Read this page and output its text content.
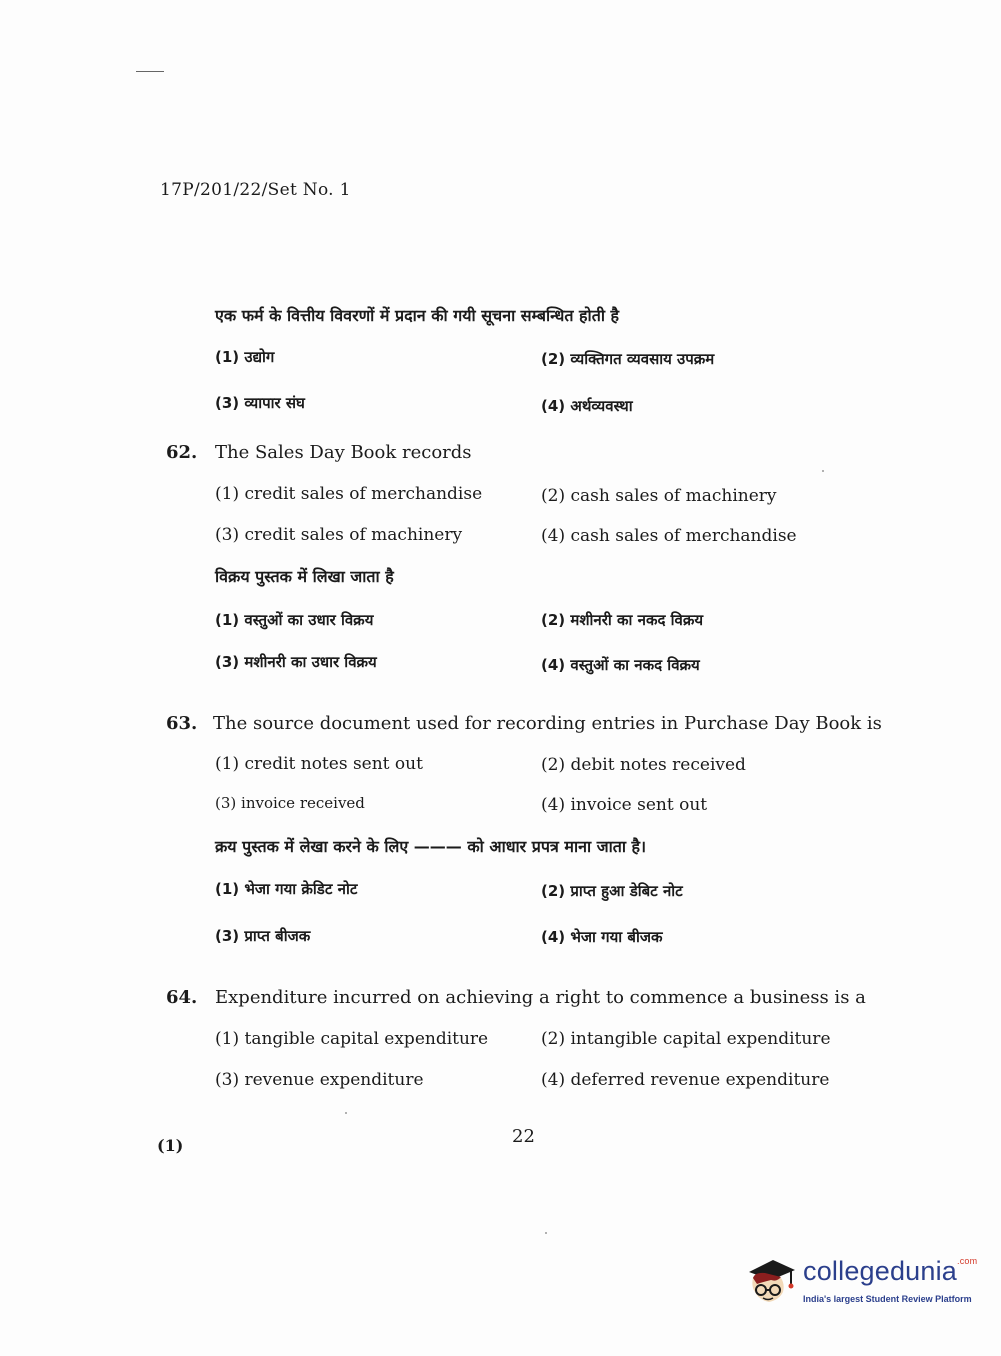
17P/201/22/Set No. 1
एक फर्म के वित्तीय विवरणों में प्रदान की गयी सूचना सम्बन्धित होती है
(1) उद्योग	(2) व्यक्तिगत व्यवसाय उपक्रम
(3) व्यापार संघ	(4) अर्थव्यवस्था
62. The Sales Day Book records
(1) credit sales of merchandise	(2) cash sales of machinery
(3) credit sales of machinery	(4) cash sales of merchandise
विक्रय पुस्तक में लिखा जाता है
(1) वस्तुओं का उधार विक्रय	(2) मशीनरी का नकद विक्रय
(3) मशीनरी का उधार विक्रय	(4) वस्तुओं का नकद विक्रय
63. The source document used for recording entries in Purchase Day Book is
(1) credit notes sent out	(2) debit notes received
(3) invoice received	(4) invoice sent out
क्रय पुस्तक में लेखा करने के लिए ——— को आधार प्रपत्र माना जाता है।
(1) भेजा गया क्रेडिट नोट	(2) प्राप्त हुआ डेबिट नोट
(3) प्राप्त बीजक	(4) भेजा गया बीजक
64. Expenditure incurred on achieving a right to commence a business is a
(1) tangible capital expenditure	(2) intangible capital expenditure
(3) revenue expenditure	(4) deferred revenue expenditure
22
(1)
collegedunia$^{.com}$
India's largest Student Review Platform
